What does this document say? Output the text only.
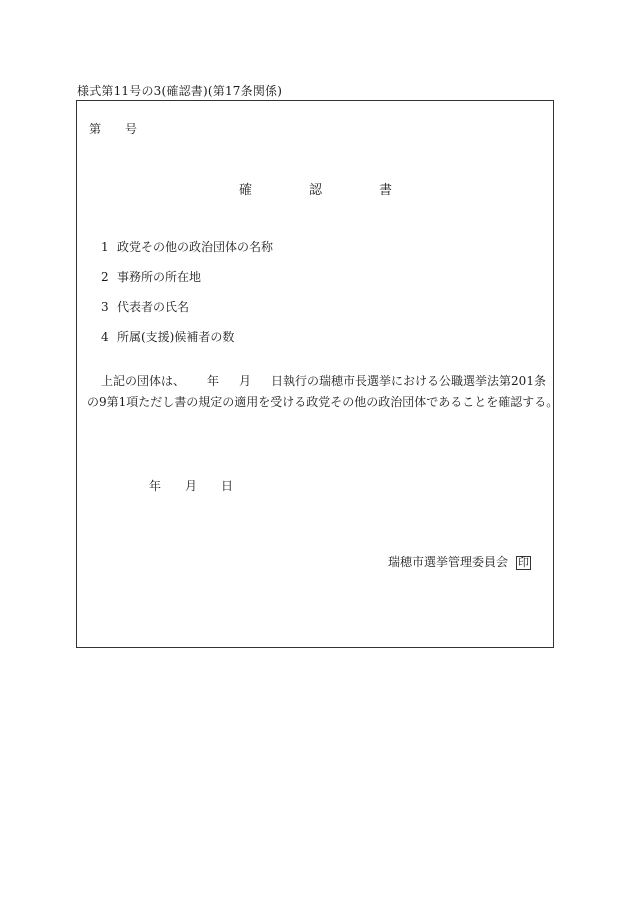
様式第11号の3(確認書)(第17条関係)
第 号
確	認	書
1 政党その他の政治団体の名称
2 事務所の所在地
3 代表者の氏名
4 所属(支援)候補者の数
上記の団体は、 年 月 日執行の瑞穂市長選挙における公職選挙法第201条
の9第1項ただし書の規定の適用を受ける政党その他の政治団体であることを確認する。
年 月 日
瑞穂市選挙管理委員会 印
